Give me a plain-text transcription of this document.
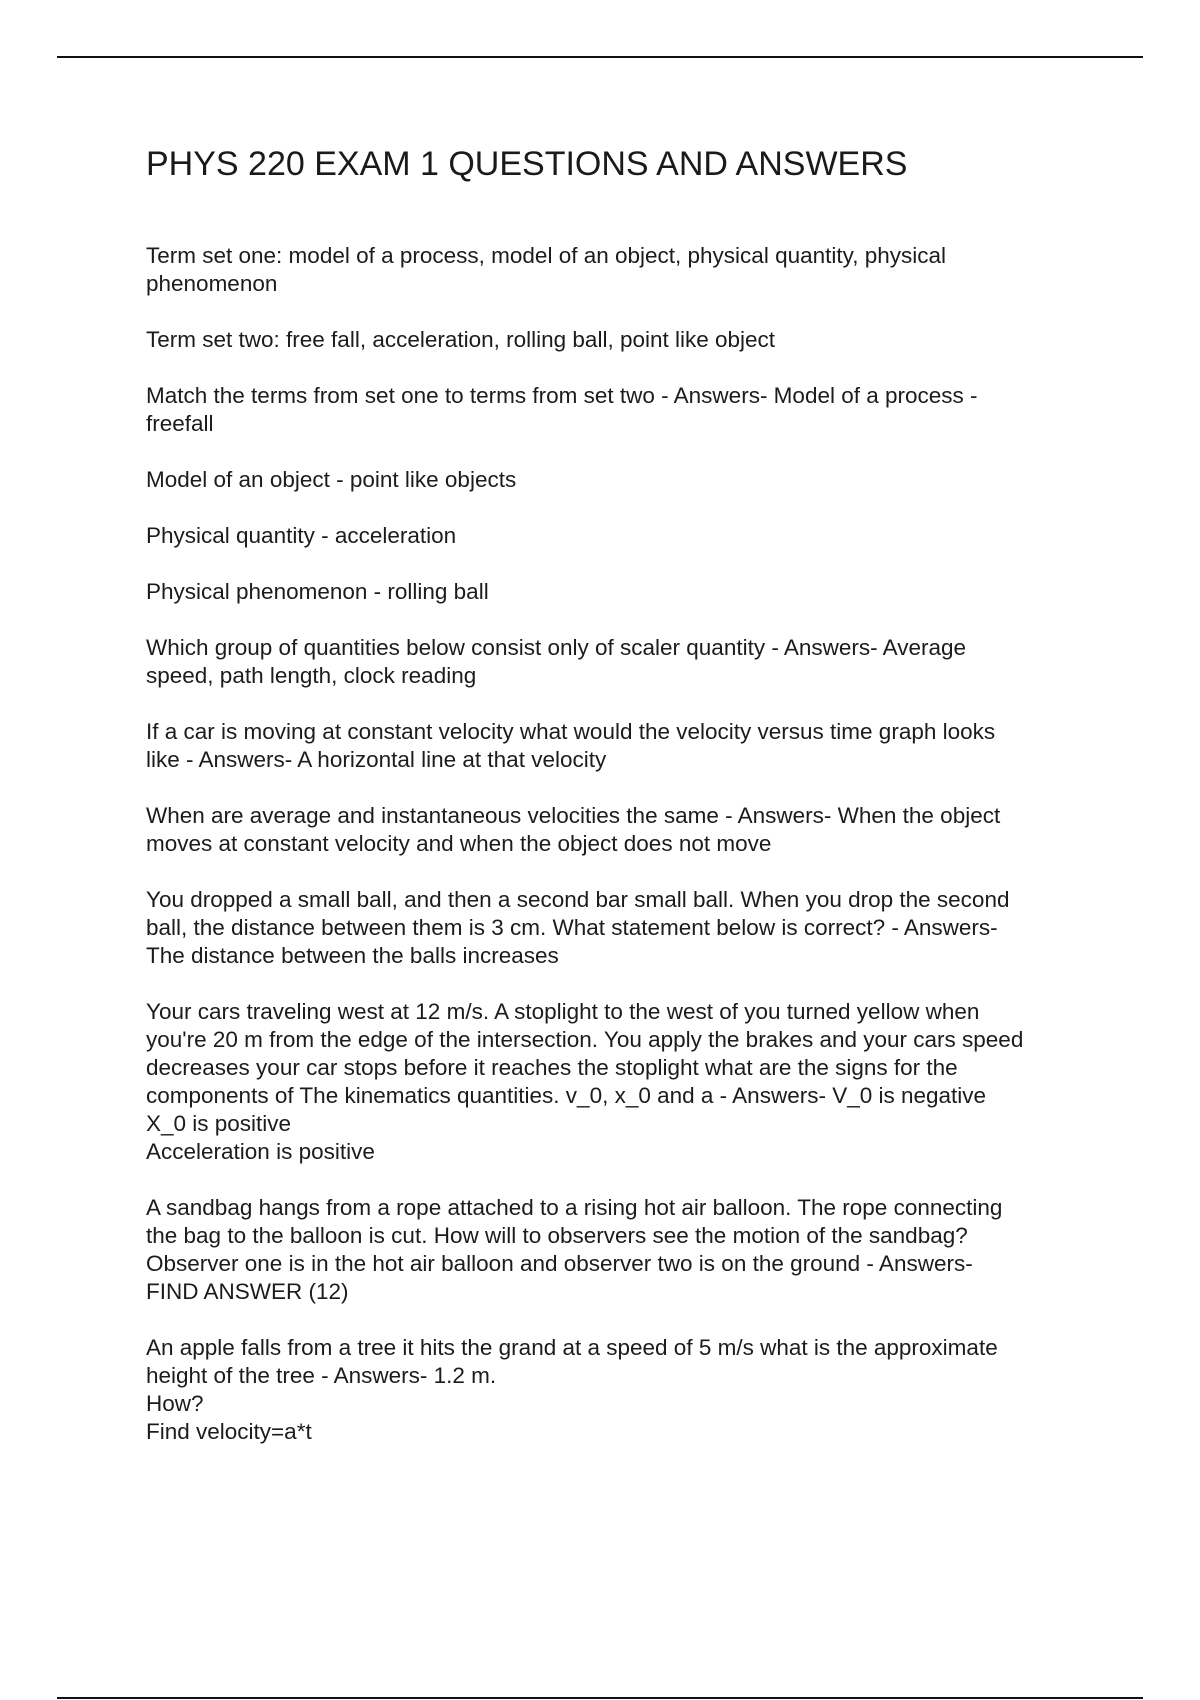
PHYS 220 EXAM 1 QUESTIONS AND ANSWERS

Term set one: model of a process, model of an object, physical quantity, physical
phenomenon

Term set two: free fall, acceleration, rolling ball, point like object

Match the terms from set one to terms from set two - Answers- Model of a process -
freefall

Model of an object - point like objects

Physical quantity - acceleration

Physical phenomenon - rolling ball

Which group of quantities below consist only of scaler quantity - Answers- Average
speed, path length, clock reading

If a car is moving at constant velocity what would the velocity versus time graph looks
like - Answers- A horizontal line at that velocity

When are average and instantaneous velocities the same - Answers- When the object
moves at constant velocity and when the object does not move

You dropped a small ball, and then a second bar small ball. When you drop the second
ball, the distance between them is 3 cm. What statement below is correct? - Answers-
The distance between the balls increases

Your cars traveling west at 12 m/s. A stoplight to the west of you turned yellow when
you're 20 m from the edge of the intersection. You apply the brakes and your cars speed
decreases your car stops before it reaches the stoplight what are the signs for the
components of The kinematics quantities. v_0, x_0 and a - Answers- V_0 is negative
X_0 is positive
Acceleration is positive

A sandbag hangs from a rope attached to a rising hot air balloon. The rope connecting
the bag to the balloon is cut. How will to observers see the motion of the sandbag?
Observer one is in the hot air balloon and observer two is on the ground - Answers-
FIND ANSWER (12)

An apple falls from a tree it hits the grand at a speed of 5 m/s what is the approximate
height of the tree - Answers- 1.2 m.
How?
Find velocity=a*t
